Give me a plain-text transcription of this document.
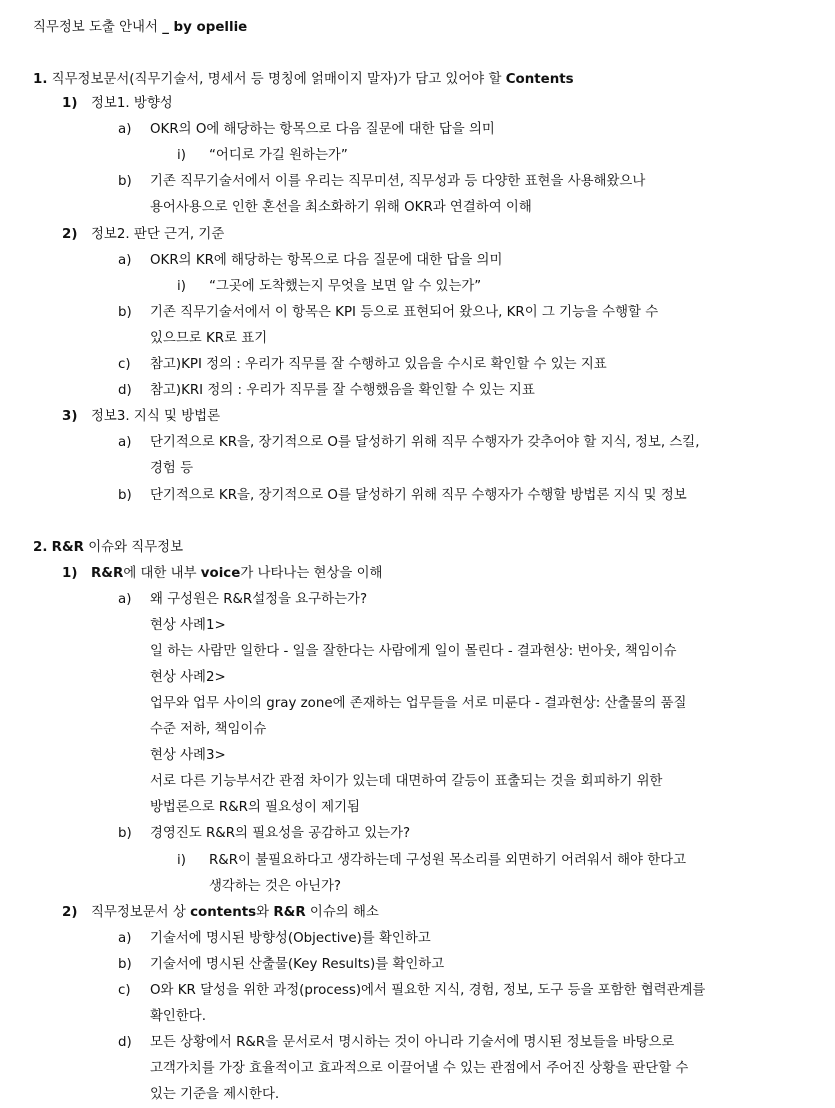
직무정보 도출 안내서 _ by opellie
1. 직무정보문서(직무기술서, 명세서 등 명칭에 얽매이지 말자)가 담고 있어야 할 Contents
1) 정보1. 방향성
a) OKR의 O에 해당하는 항목으로 다음 질문에 대한 답을 의미
i) “어디로 가길 원하는가”
b) 기존 직무기술서에서 이를 우리는 직무미션, 직무성과 등 다양한 표현을 사용해왔으나
용어사용으로 인한 혼선을 최소화하기 위해 OKR과 연결하여 이해
2) 정보2. 판단 근거, 기준
a) OKR의 KR에 해당하는 항목으로 다음 질문에 대한 답을 의미
i) “그곳에 도착했는지 무엇을 보면 알 수 있는가”
b) 기존 직무기술서에서 이 항목은 KPI 등으로 표현되어 왔으나, KR이 그 기능을 수행할 수
있으므로 KR로 표기
c) 참고)KPI 정의 : 우리가 직무를 잘 수행하고 있음을 수시로 확인할 수 있는 지표
d) 참고)KRI 정의 : 우리가 직무를 잘 수행했음을 확인할 수 있는 지표
3) 정보3. 지식 및 방법론
a) 단기적으로 KR을, 장기적으로 O를 달성하기 위해 직무 수행자가 갖추어야 할 지식, 정보, 스킬,
경험 등
b) 단기적으로 KR을, 장기적으로 O를 달성하기 위해 직무 수행자가 수행할 방법론 지식 및 정보
2. R&R 이슈와 직무정보
1) R&R에 대한 내부 voice가 나타나는 현상을 이해
a) 왜 구성원은 R&R설정을 요구하는가?
현상 사례1>
일 하는 사람만 일한다 - 일을 잘한다는 사람에게 일이 몰린다 - 결과현상: 번아웃, 책임이슈
현상 사례2>
업무와 업무 사이의 gray zone에 존재하는 업무들을 서로 미룬다 - 결과현상: 산출물의 품질
수준 저하, 책임이슈
현상 사례3>
서로 다른 기능부서간 관점 차이가 있는데 대면하여 갈등이 표출되는 것을 회피하기 위한
방법론으로 R&R의 필요성이 제기됨
b) 경영진도 R&R의 필요성을 공감하고 있는가?
i) R&R이 불필요하다고 생각하는데 구성원 목소리를 외면하기 어려워서 해야 한다고
생각하는 것은 아닌가?
2) 직무정보문서 상 contents와 R&R 이슈의 해소
a) 기술서에 명시된 방향성(Objective)를 확인하고
b) 기술서에 명시된 산출물(Key Results)를 확인하고
c) O와 KR 달성을 위한 과정(process)에서 필요한 지식, 경험, 정보, 도구 등을 포함한 협력관계를
확인한다.
d) 모든 상황에서 R&R을 문서로서 명시하는 것이 아니라 기술서에 명시된 정보들을 바탕으로
고객가치를 가장 효율적이고 효과적으로 이끌어낼 수 있는 관점에서 주어진 상황을 판단할 수
있는 기준을 제시한다.
